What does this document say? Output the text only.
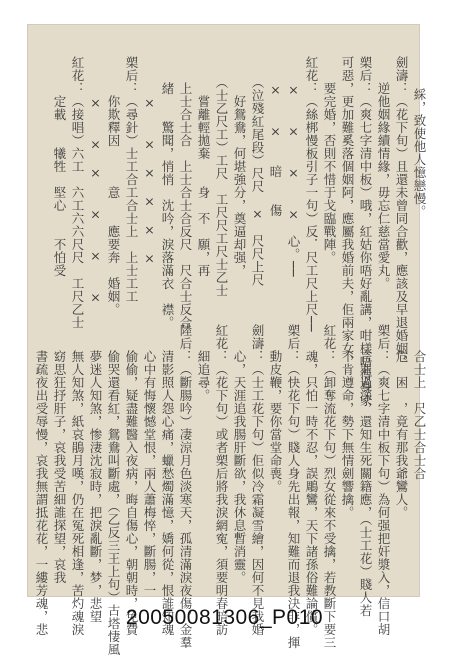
綵，致使他人憶戀慢。
劍濤：（花下旬）且還未曾同合歡，應該及早退婚姻，
　　逆他姻緣續情緣，毋忘仁慈當愛丸。
槊后：（爽七字清中板）哦，紅姑你唔好亂講，咁樣唔得身家
可惡，更加難奚落個姻阿，應屬我婚前夫，佢兩家女，
　　要完婚，否則不惜于戈臨戰陣。
紅花：（絲梆慢板引子一句）反．尺工尺上尺──
　　×　　×　　×　　×　心。──
　　×　　×　　暗　　傷
　　（泣殘紅尾段）尺尺　×　尺尺上尺
　　　好鴛鴦，何堪強分，奠逼却强，
　　（士乙尺工）工尺　工尺尺工尺士乙士
　　　嘗離輕拋棄　　身　不　願，再
　　上士合士合　上士合士合反尺　尺合士反合
　　緒　　驚聞，悄悄　沈吟，淚落滿衣　襟。
　　　×　　×　×　×　×　×
槊后：（尋針）士工合工合士上　上士工工
　　　你欺釋因　　　意　　應要奔　婚姻。
　　　×　　×　×　　×　　×　　×
紅花：（接唱）六工　六工六六尺尺　工尺乙士
　　　定載　　犧牲　堅心　　不怕受
　　合士上　尺乙士合士合
　　危　困　，竟有那我爺鸞人。
槊后：（爽七字清中板下句）為何强把奸漿入，信口胡
　　言罪過深，還知生死關籍應，（士工花）賤人若
　　不肯遵命，勢下無情劍響擒。
紅花：（卸奪流花下句）烈女從來不受擒，若教斷下要三
　　魂，只怕一時不忍，誤鵰鸞，天下諸孫俗難論償。
槊后：（快花下句）賤人身先出報，知難而退我決非，揮
　　動皮鞭，要你當堂命喪。
劍濤：（士工花下句）佢似冷霜凝雪繪，因何不見我婚
　　心，天涯追我腸肝斷欲，我休息暫消靈。
紅花：（花下句）或者槊后將我淚網寃，須要明春暗訪
　　細追尋。
陸后：（斷腸吟）凄涼月色淡寒天，孤清滿淚夜傷，金羣
　　清影照人怨心痛，蠟愁燭滿憶，嬌何從，恨誰知魂
　　心中有悔懷憾堂恨，兩人蕭梅悴，斷腸，一
　　偷偷，疑盡難醫入夜病，晦自傷心，朝朝時，免費
　　偷哭還看紅，鴛鴦叫斷處，（乙反三王上句）古塔悽風
　　夢迷人知煞，惨淒沈寂時，把淚亂斷，梦，悲望
　　無人知煞，紙哀鵑月嘆，仍在冤死相逢，苦灼魂淚
　　窈思狂抒肝子，哀我受苦細誰探望，哀我
　　書疏夜出受辱慢，哀我無謂抵花花，一縷芳魂，悲	20050081306_P010
